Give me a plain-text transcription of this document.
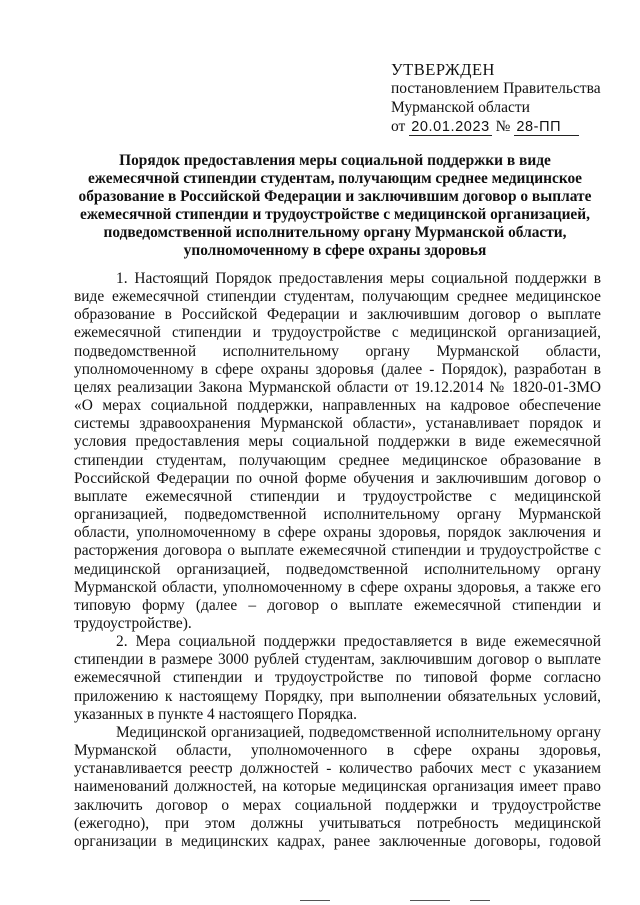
УТВЕРЖДЕН
постановлением Правительства
Мурманской области
от 20.01.2023 № 28-ПП
Порядок предоставления меры социальной поддержки в виде
ежемесячной стипендии студентам, получающим среднее медицинское
образование в Российской Федерации и заключившим договор о выплате
ежемесячной стипендии и трудоустройстве с медицинской организацией,
подведомственной исполнительному органу Мурманской области,
уполномоченному в сфере охраны здоровья
1. Настоящий Порядок предоставления меры социальной поддержки в
виде ежемесячной стипендии студентам, получающим среднее медицинское
образование в Российской Федерации и заключившим договор о выплате
ежемесячной стипендии и трудоустройстве с медицинской организацией,
подведомственной исполнительному органу Мурманской области,
уполномоченному в сфере охраны здоровья (далее - Порядок), разработан в
целях реализации Закона Мурманской области от 19.12.2014 № 1820-01-ЗМО
«О мерах социальной поддержки, направленных на кадровое обеспечение
системы здравоохранения Мурманской области», устанавливает порядок и
условия предоставления меры социальной поддержки в виде ежемесячной
стипендии студентам, получающим среднее медицинское образование в
Российской Федерации по очной форме обучения и заключившим договор о
выплате ежемесячной стипендии и трудоустройстве с медицинской
организацией, подведомственной исполнительному органу Мурманской
области, уполномоченному в сфере охраны здоровья, порядок заключения и
расторжения договора о выплате ежемесячной стипендии и трудоустройстве с
медицинской организацией, подведомственной исполнительному органу
Мурманской области, уполномоченному в сфере охраны здоровья, а также его
типовую форму (далее – договор о выплате ежемесячной стипендии и
трудоустройстве).
2. Мера социальной поддержки предоставляется в виде ежемесячной
стипендии в размере 3000 рублей студентам, заключившим договор о выплате
ежемесячной стипендии и трудоустройстве по типовой форме согласно
приложению к настоящему Порядку, при выполнении обязательных условий,
указанных в пункте 4 настоящего Порядка.
Медицинской организацией, подведомственной исполнительному органу
Мурманской области, уполномоченного в сфере охраны здоровья,
устанавливается реестр должностей - количество рабочих мест с указанием
наименований должностей, на которые медицинская организация имеет право
заключить договор о мерах социальной поддержки и трудоустройстве
(ежегодно), при этом должны учитываться потребность медицинской
организации в медицинских кадрах, ранее заключенные договоры, годовой
